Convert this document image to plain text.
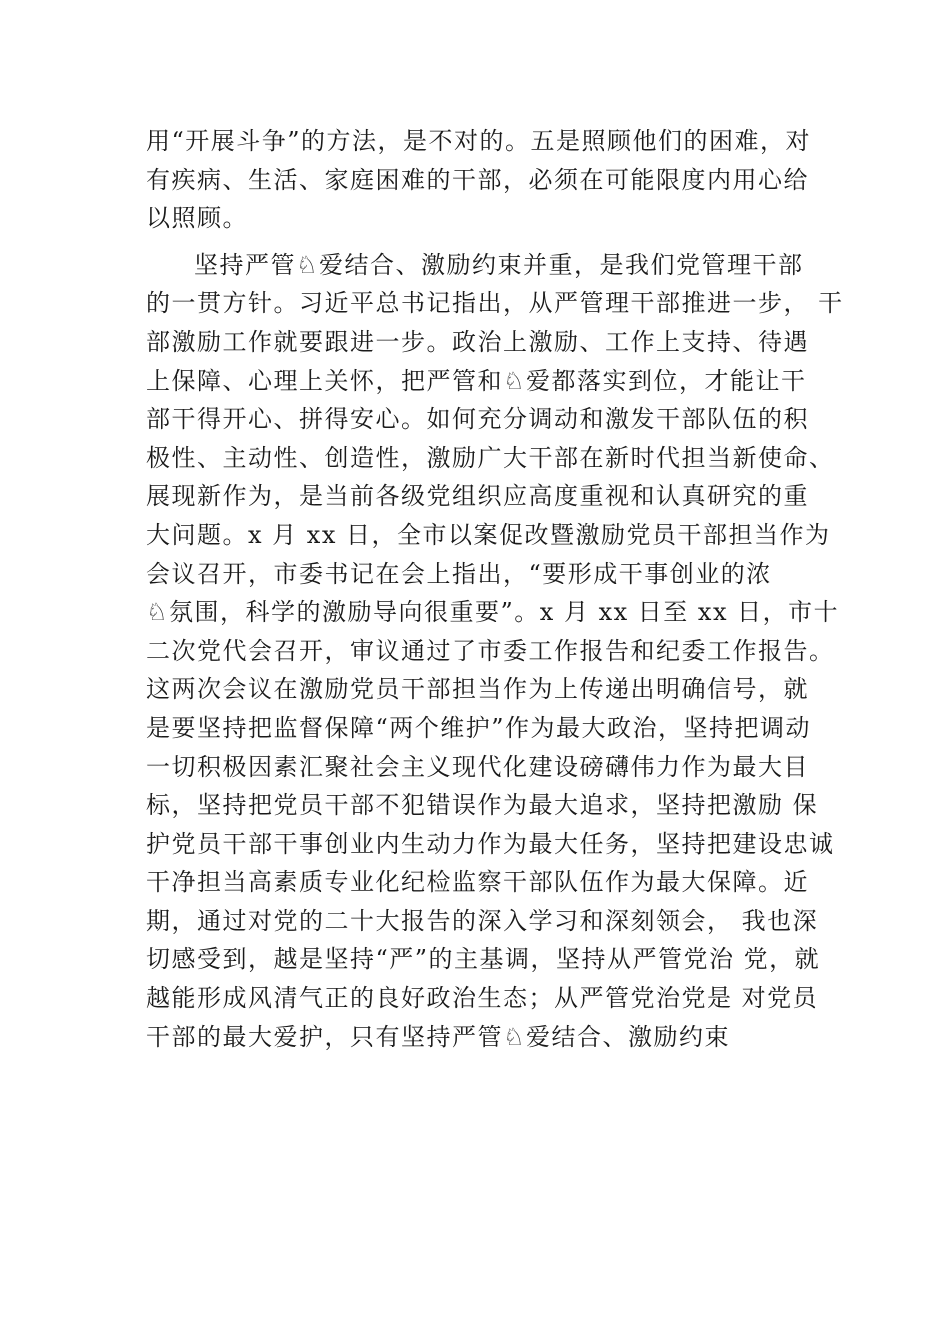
用“开展斗争”的方法，是不对的。五是照顾他们的困难，对
有疾病、生活、家庭困难的干部，必须在可能限度内用心给
以照顾。
坚持严管♘爱结合、激励约束并重，是我们党管理干部
的一贯方针。习近平总书记指出，从严管理干部推进一步， 干
部激励工作就要跟进一步。政治上激励、工作上支持、待遇
上保障、心理上关怀，把严管和♘爱都落实到位，才能让干
部干得开心、拼得安心。如何充分调动和激发干部队伍的积
极性、主动性、创造性，激励广大干部在新时代担当新使命、
展现新作为，是当前各级党组织应高度重视和认真研究的重
大问题。x 月 xx 日，全市以案促改暨激励党员干部担当作为
会议召开，市委书记在会上指出，“要形成干事创业的浓
♘氛围，科学的激励导向很重要”。x 月 xx 日至 xx 日，市十
二次党代会召开，审议通过了市委工作报告和纪委工作报告。
这两次会议在激励党员干部担当作为上传递出明确信号，就
是要坚持把监督保障“两个维护”作为最大政治，坚持把调动
一切积极因素汇聚社会主义现代化建设磅礴伟力作为最大目
标，坚持把党员干部不犯错误作为最大追求，坚持把激励 保
护党员干部干事创业内生动力作为最大任务，坚持把建设忠诚
干净担当高素质专业化纪检监察干部队伍作为最大保障。近
期，通过对党的二十大报告的深入学习和深刻领会， 我也深
切感受到，越是坚持“严”的主基调，坚持从严管党治 党，就
越能形成风清气正的良好政治生态；从严管党治党是 对党员
干部的最大爱护，只有坚持严管♘爱结合、激励约束
